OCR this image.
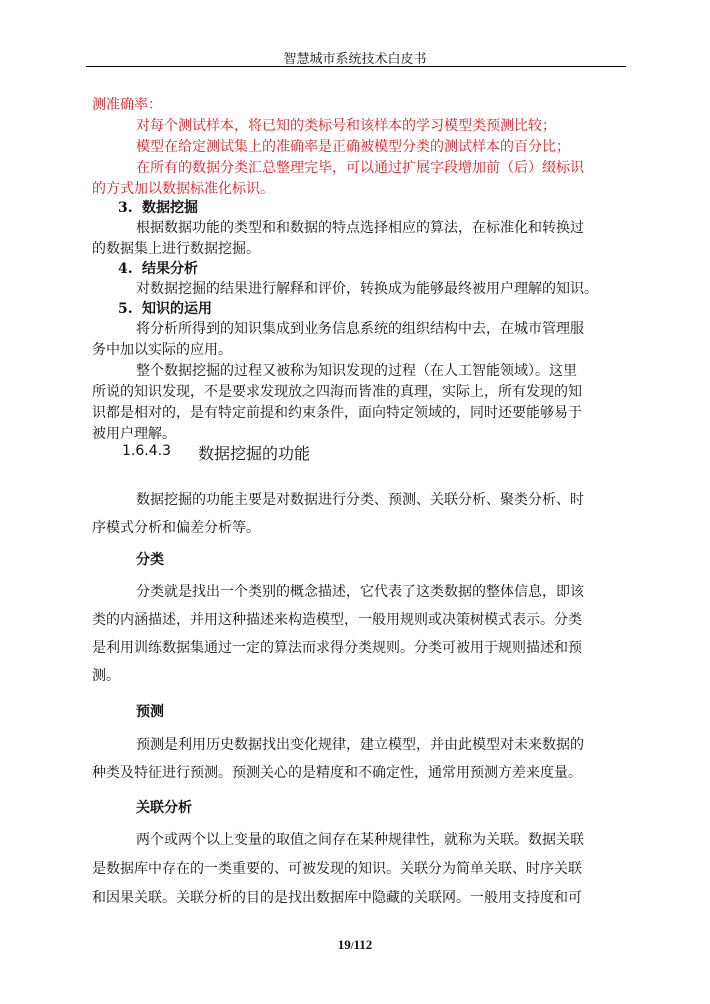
智慧城市系统技术白皮书
测准确率：
对每个测试样本，将已知的类标号和该样本的学习模型类预测比较；
模型在给定测试集上的准确率是正确被模型分类的测试样本的百分比；
在所有的数据分类汇总整理完毕，可以通过扩展字段增加前（后）缀标识
的方式加以数据标准化标识。
3. 数据挖掘
根据数据功能的类型和和数据的特点选择相应的算法，在标准化和转换过
的数据集上进行数据挖掘。
4. 结果分析
对数据挖掘的结果进行解释和评价，转换成为能够最终被用户理解的知识。
5. 知识的运用
将分析所得到的知识集成到业务信息系统的组织结构中去，在城市管理服
务中加以实际的应用。
整个数据挖掘的过程又被称为知识发现的过程（在人工智能领域）。这里
所说的知识发现，不是要求发现放之四海而皆准的真理，实际上，所有发现的知
识都是相对的，是有特定前提和约束条件，面向特定领域的，同时还要能够易于
被用户理解。
1.6.4.3 数据挖掘的功能
数据挖掘的功能主要是对数据进行分类、预测、关联分析、聚类分析、时
序模式分析和偏差分析等。
分类
分类就是找出一个类别的概念描述，它代表了这类数据的整体信息，即该
类的内涵描述，并用这种描述来构造模型，一般用规则或决策树模式表示。分类
是利用训练数据集通过一定的算法而求得分类规则。分类可被用于规则描述和预
测。
预测
预测是利用历史数据找出变化规律，建立模型，并由此模型对未来数据的
种类及特征进行预测。预测关心的是精度和不确定性，通常用预测方差来度量。
关联分析
两个或两个以上变量的取值之间存在某种规律性，就称为关联。数据关联
是数据库中存在的一类重要的、可被发现的知识。关联分为简单关联、时序关联
和因果关联。关联分析的目的是找出数据库中隐藏的关联网。一般用支持度和可
19/112
